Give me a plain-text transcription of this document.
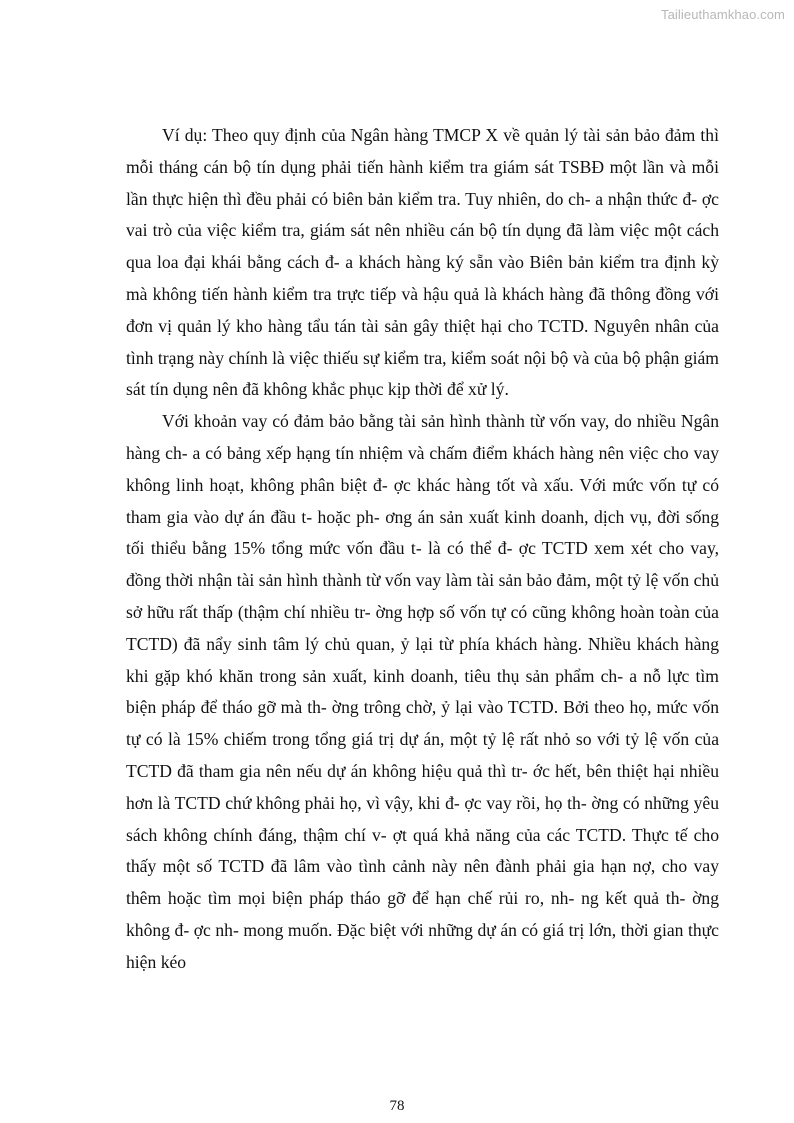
Tailieuthamkhao.com

Ví dụ: Theo quy định của Ngân hàng TMCP X về quản lý tài sản bảo đảm thì mỗi tháng cán bộ tín dụng phải tiến hành kiểm tra giám sát TSBĐ một lần và mỗi lần thực hiện thì đều phải có biên bản kiểm tra. Tuy nhiên, do ch- a nhận thức đ- ợc vai trò của việc kiểm tra, giám sát nên nhiều cán bộ tín dụng đã làm việc một cách qua loa đại khái bằng cách đ- a khách hàng ký sẵn vào Biên bản kiểm tra định kỳ mà không tiến hành kiểm tra trực tiếp và hậu quả là khách hàng đã thông đồng với đơn vị quản lý kho hàng tẩu tán tài sản gây thiệt hại cho TCTD. Nguyên nhân của tình trạng này chính là việc thiếu sự kiểm tra, kiểm soát nội bộ và của bộ phận giám sát tín dụng nên đã không khắc phục kịp thời để xử lý.

Với khoản vay có đảm bảo bằng tài sản hình thành từ vốn vay, do nhiều Ngân hàng ch- a có bảng xếp hạng tín nhiệm và chấm điểm khách hàng nên việc cho vay không linh hoạt, không phân biệt đ- ợc khác hàng tốt và xấu. Với mức vốn tự có tham gia vào dự án đầu t- hoặc ph- ơng án sản xuất kinh doanh, dịch vụ, đời sống tối thiểu bằng 15% tổng mức vốn đầu t- là có thể đ- ợc TCTD xem xét cho vay, đồng thời nhận tài sản hình thành từ vốn vay làm tài sản bảo đảm, một tỷ lệ vốn chủ sở hữu rất thấp (thậm chí nhiều tr- ờng hợp số vốn tự có cũng không hoàn toàn của TCTD) đã nẩy sinh tâm lý chủ quan, ỷ lại từ phía khách hàng. Nhiều khách hàng khi gặp khó khăn trong sản xuất, kinh doanh, tiêu thụ sản phẩm ch- a nỗ lực tìm biện pháp để tháo gỡ mà th- ờng trông chờ, ỷ lại vào TCTD. Bởi theo họ, mức vốn tự có là 15% chiếm trong tổng giá trị dự án, một tỷ lệ rất nhỏ so với tỷ lệ vốn của TCTD đã tham gia nên nếu dự án không hiệu quả thì tr- ớc hết, bên thiệt hại nhiều hơn là TCTD chứ không phải họ, vì vậy, khi đ- ợc vay rồi, họ th- ờng có những yêu sách không chính đáng, thậm chí v- ợt quá khả năng của các TCTD. Thực tế cho thấy một số TCTD đã lâm vào tình cảnh này nên đành phải gia hạn nợ, cho vay thêm hoặc tìm mọi biện pháp tháo gỡ để hạn chế rủi ro, nh- ng kết quả th- ờng không đ- ợc nh- mong muốn. Đặc biệt với những dự án có giá trị lớn, thời gian thực hiện kéo

78
